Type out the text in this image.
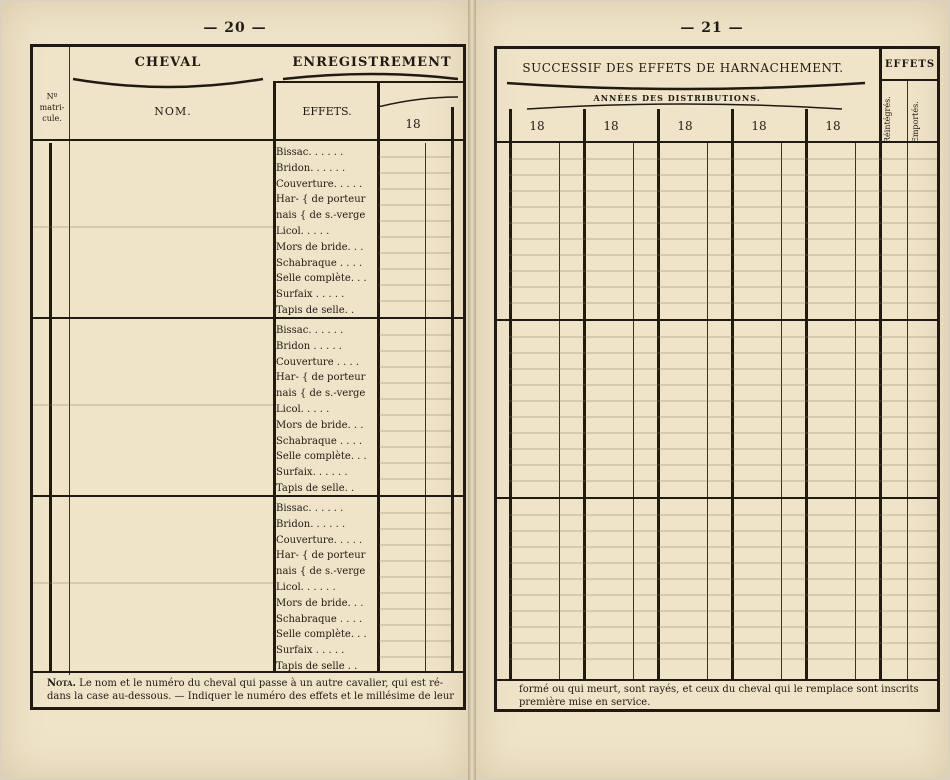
— 20 —
CHEVAL	ENREGISTREMENT
Nº matri-cule.
NOM.	EFFETS.
18
Bissac. . . . . .
Bridon. . . . . .
Couverture. . . . .
Har- { de porteur
nais { de s.-verge
Licol. . . . .
Mors de bride. . .
Schabraque . . . .
Selle complète. . .
Surfaix . . . . .
Tapis de selle. .
Bissac. . . . . .
Bridon . . . . .
Couverture . . . .
Har- { de porteur
nais { de s.-verge
Licol. . . . .
Mors de bride. . .
Schabraque . . . .
Selle complète. . .
Surfaix. . . . . .
Tapis de selle. .
Bissac. . . . . .
Bridon. . . . . .
Couverture. . . . .
Har- { de porteur
nais { de s.-verge
Licol. . . . . .
Mors de bride. . .
Schabraque . . . .
Selle complète. . .
Surfaix . . . . .
Tapis de selle . .
Nota. Le nom et le numéro du cheval qui passe à un autre cavalier, qui est ré-
dans la case au-dessous. — Indiquer le numéro des effets et le millésime de leur
— 21 —
SUCCESSIF DES EFFETS DE HARNACHEMENT.	EFFETS
ANNÉES DES DISTRIBUTIONS.
18	18	18	18	18	Réintégrés.	Emportés.
formé ou qui meurt, sont rayés, et ceux du cheval qui le remplace sont inscrits
première mise en service.
